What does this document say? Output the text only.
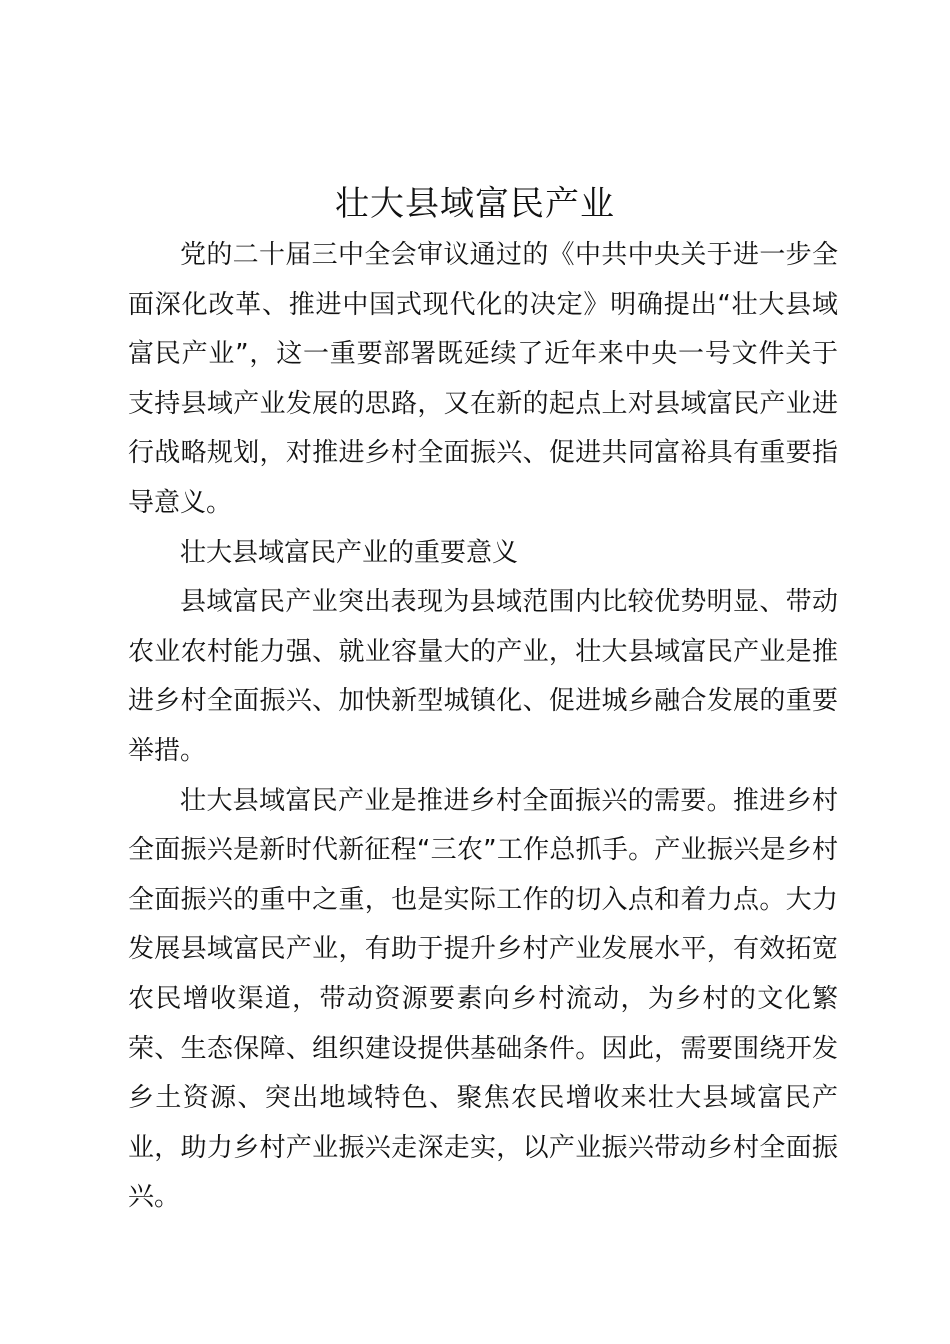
壮大县域富民产业

党的二十届三中全会审议通过的《中共中央关于进一步全面深化改革、推进中国式现代化的决定》明确提出“壮大县域富民产业”，这一重要部署既延续了近年来中央一号文件关于支持县域产业发展的思路，又在新的起点上对县域富民产业进行战略规划，对推进乡村全面振兴、促进共同富裕具有重要指导意义。

壮大县域富民产业的重要意义

县域富民产业突出表现为县域范围内比较优势明显、带动农业农村能力强、就业容量大的产业，壮大县域富民产业是推进乡村全面振兴、加快新型城镇化、促进城乡融合发展的重要举措。

壮大县域富民产业是推进乡村全面振兴的需要。推进乡村全面振兴是新时代新征程“三农”工作总抓手。产业振兴是乡村全面振兴的重中之重，也是实际工作的切入点和着力点。大力发展县域富民产业，有助于提升乡村产业发展水平，有效拓宽农民增收渠道，带动资源要素向乡村流动，为乡村的文化繁荣、生态保障、组织建设提供基础条件。因此，需要围绕开发乡土资源、突出地域特色、聚焦农民增收来壮大县域富民产业，助力乡村产业振兴走深走实，以产业振兴带动乡村全面振兴。
